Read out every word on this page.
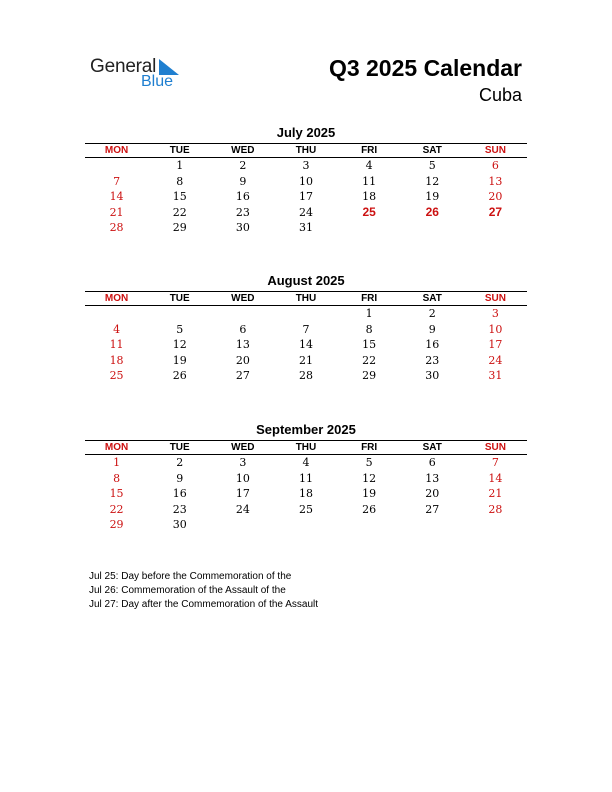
General
Blue
Q3 2025 Calendar
Cuba
July 2025
MON	TUE	WED	THU	FRI	SAT	SUN
	1	2	3	4	5	6
7	8	9	10	11	12	13
14	15	16	17	18	19	20
21	22	23	24	25	26	27
28	29	30	31			
August 2025
MON	TUE	WED	THU	FRI	SAT	SUN
				1	2	3
4	5	6	7	8	9	10
11	12	13	14	15	16	17
18	19	20	21	22	23	24
25	26	27	28	29	30	31
September 2025
MON	TUE	WED	THU	FRI	SAT	SUN
1	2	3	4	5	6	7
8	9	10	11	12	13	14
15	16	17	18	19	20	21
22	23	24	25	26	27	28
29	30					
Jul 25: Day before the Commemoration of the
Jul 26: Commemoration of the Assault of the
Jul 27: Day after the Commemoration of the Assault
